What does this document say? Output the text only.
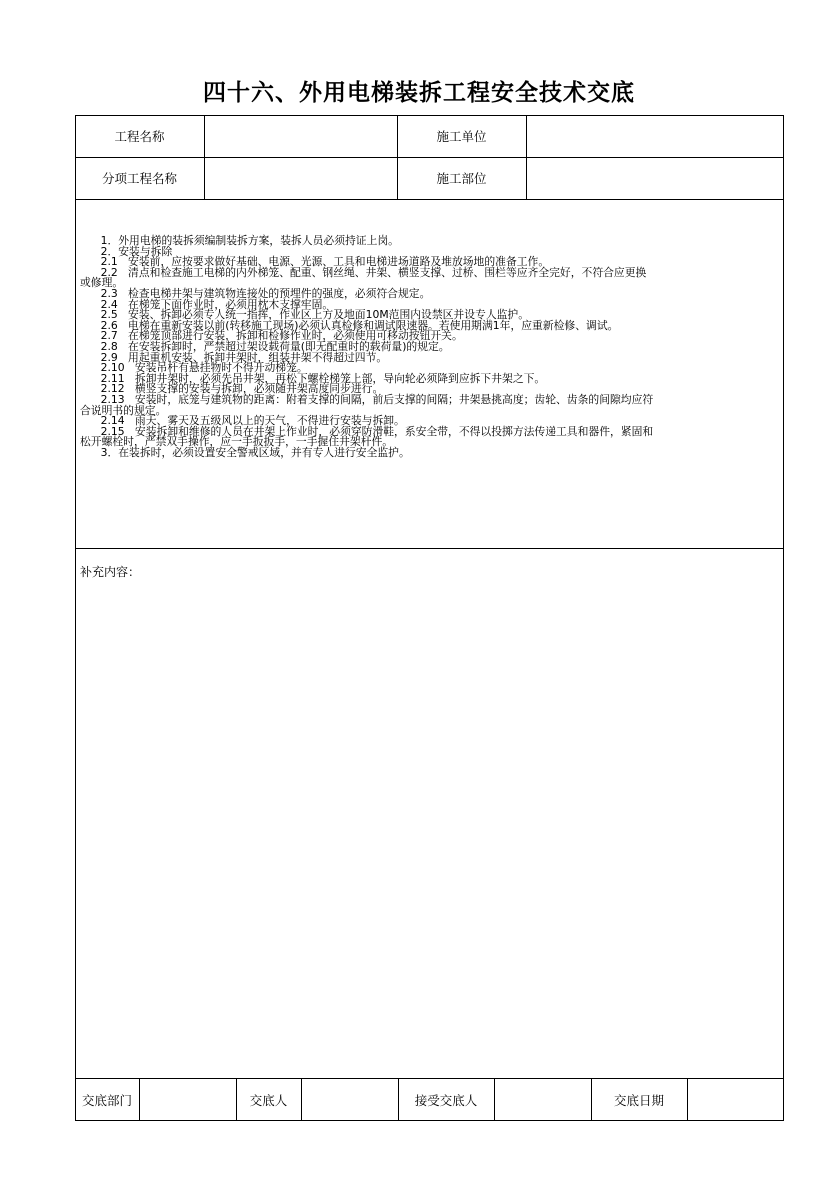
四十六、外用电梯装拆工程安全技术交底
工程名称	施工单位
分项工程名称	施工部位
1．外用电梯的装拆须编制装拆方案，装拆人员必须持证上岗。
2．安装与拆除
2.1   安装前，应按要求做好基础、电源、光源、工具和电梯进场道路及堆放场地的准备工作。
2.2   清点和检查施工电梯的内外梯笼、配重、钢丝绳、井架、横竖支撑、过桥、围栏等应齐全完好，不符合应更换
或修理。
2.3   检查电梯井架与建筑物连接处的预埋件的强度，必须符合规定。
2.4   在梯笼下面作业时，必须用枕木支撑牢固。
2.5   安装、拆卸必须专人统一指挥，作业区上方及地面10M范围内设禁区并设专人监护。
2.6   电梯在重新安装以前(转移施工现场)必须认真检修和调试限速器。若使用期满1年，应重新检修、调试。
2.7   在梯笼顶部进行安装，拆卸和检修作业时，必须使用可移动按钮开关。
2.8   在安装拆卸时，严禁超过架设载荷量(即无配重时的载荷量)的规定。
2.9   用起重机安装、拆卸井架时，组装井架不得超过四节。
2.10   安装吊杆有悬挂物时不得开动梯笼。
2.11   拆卸井架时，必须先吊井架，再松下螺栓梯笼上部，导向轮必须降到应拆下井架之下。
2.12   横竖支撑的安装与拆卸，必须随井架高度同步进行。
2.13   安装时，底笼与建筑物的距离：附着支撑的间隔，前后支撑的间隔；井架悬挑高度；齿轮、齿条的间隙均应符
合说明书的规定。
2.14   雨天、雾天及五级风以上的天气，不得进行安装与拆卸。
2.15   安装拆卸和维修的人员在井架上作业时，必须穿防滑鞋，系安全带，不得以投掷方法传递工具和器件，紧固和
松开螺栓时，严禁双手操作，应一手扳扳手，一手握住井架杆件。
3．在装拆时，必须设置安全警戒区域，并有专人进行安全监护。
补充内容：
交底部门	交底人	接受交底人	交底日期
